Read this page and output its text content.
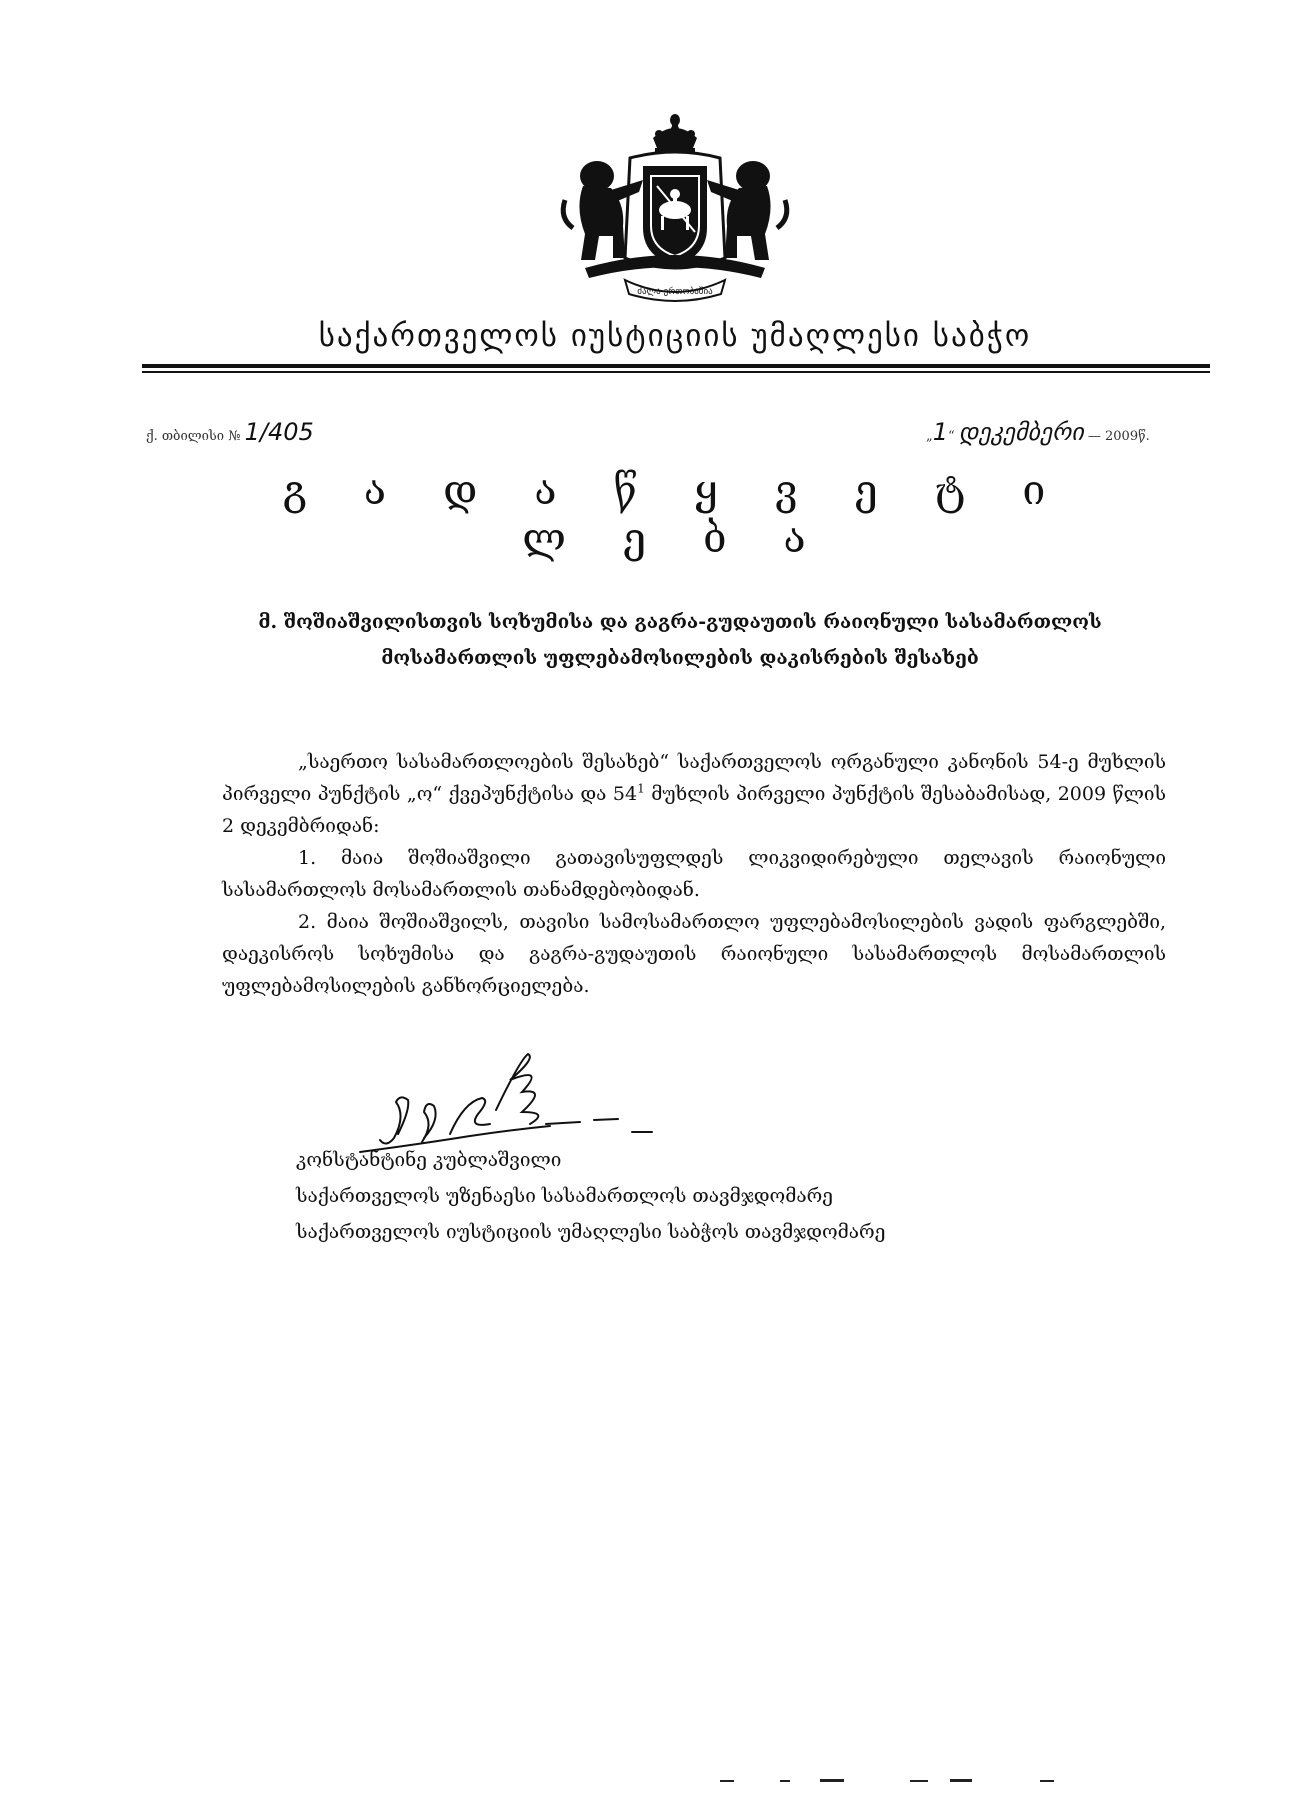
ძალა ერთობაშია
საქართველოს იუსტიციის უმაღლესი საბჭო
ქ. თბილისი № 1/405	„1“ დეკემბერი — 2009წ.
გ ა დ ა წ ყ ვ ე ტ ი ლ ე ბ ა
მ. შოშიაშვილისთვის სოხუმისა და გაგრა-გუდაუთის რაიონული სასამართლოს
მოსამართლის უფლებამოსილების დაკისრების შესახებ

„საერთო სასამართლოების შესახებ“ საქართველოს ორგანული კანონის 54-ე მუხლის პირველი პუნქტის „ო“ ქვეპუნქტისა და $54^1$ მუხლის პირველი პუნქტის შესაბამისად, 2009 წლის 2 დეკემბრიდან:

1. მაია შოშიაშვილი გათავისუფლდეს ლიკვიდირებული თელავის რაიონული სასამართლოს მოსამართლის თანამდებობიდან.

2. მაია შოშიაშვილს, თავისი სამოსამართლო უფლებამოსილების ვადის ფარგლებში, დაეკისროს სოხუმისა და გაგრა-გუდაუთის რაიონული სასამართლოს მოსამართლის უფლებამოსილების განხორციელება.

კონსტანტინე კუბლაშვილი
საქართველოს უზენაესი სასამართლოს თავმჯდომარე
საქართველოს იუსტიციის უმაღლესი საბჭოს თავმჯდომარე
